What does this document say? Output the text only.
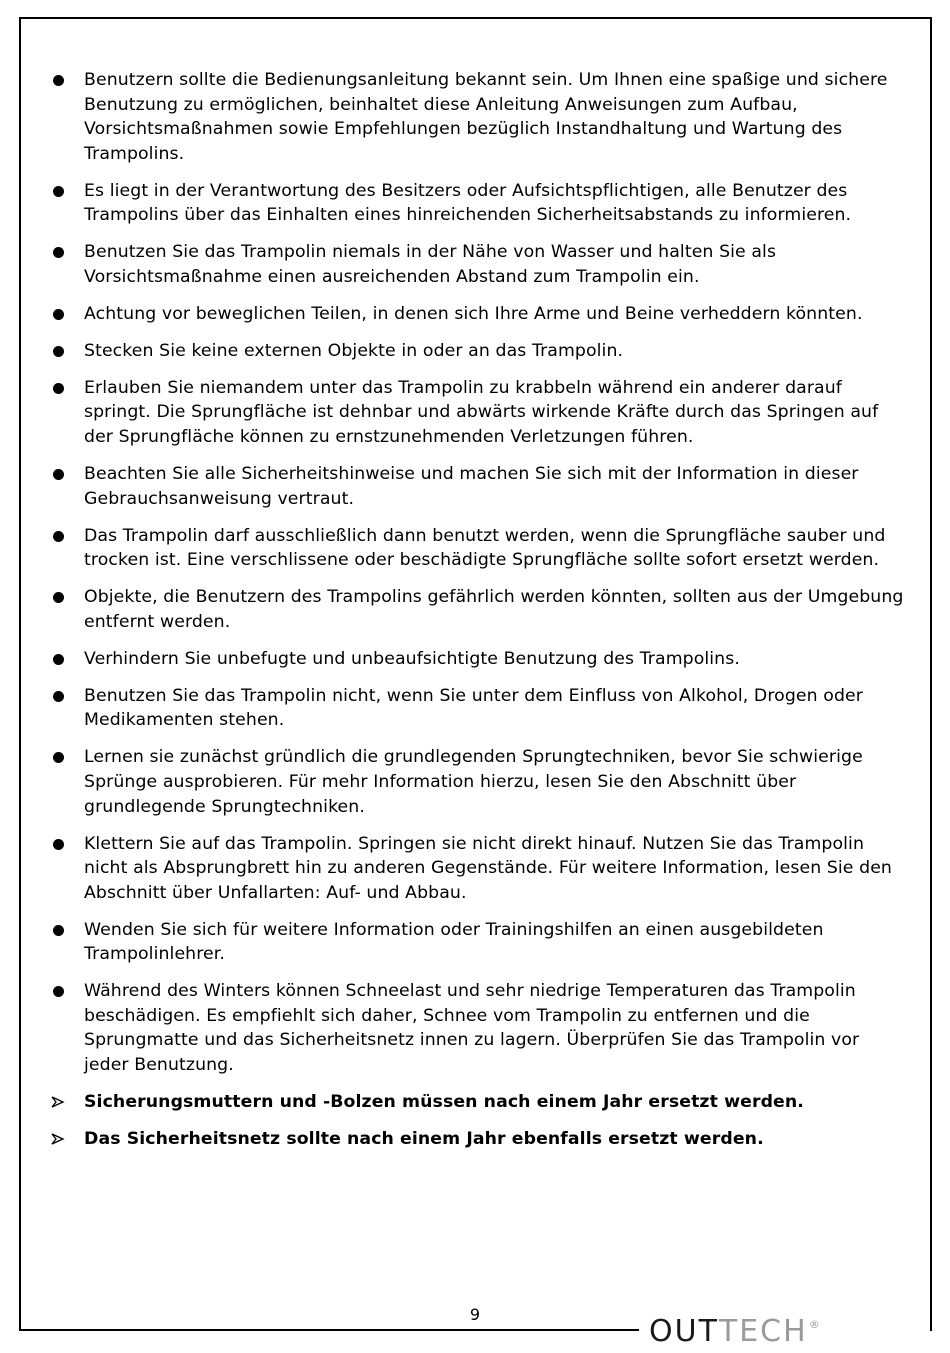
Benutzern sollte die Bedienungsanleitung bekannt sein. Um Ihnen eine spaßige und sichere Benutzung zu ermöglichen, beinhaltet diese Anleitung Anweisungen zum Aufbau, Vorsichtsmaßnahmen sowie Empfehlungen bezüglich Instandhaltung und Wartung des Trampolins.
Es liegt in der Verantwortung des Besitzers oder Aufsichtspflichtigen, alle Benutzer des Trampolins über das Einhalten eines hinreichenden Sicherheitsabstands zu informieren.
Benutzen Sie das Trampolin niemals in der Nähe von Wasser und halten Sie als Vorsichtsmaßnahme einen ausreichenden Abstand zum Trampolin ein.
Achtung vor beweglichen Teilen, in denen sich Ihre Arme und Beine verheddern könnten.
Stecken Sie keine externen Objekte in oder an das Trampolin.
Erlauben Sie niemandem unter das Trampolin zu krabbeln während ein anderer darauf springt. Die Sprungfläche ist dehnbar und abwärts wirkende Kräfte durch das Springen auf der Sprungfläche können zu ernstzunehmenden Verletzungen führen.
Beachten Sie alle Sicherheitshinweise und machen Sie sich mit der Information in dieser Gebrauchsanweisung vertraut.
Das Trampolin darf ausschließlich dann benutzt werden, wenn die Sprungfläche sauber und trocken ist. Eine verschlissene oder beschädigte Sprungfläche sollte sofort ersetzt werden.
Objekte, die Benutzern des Trampolins gefährlich werden könnten, sollten aus der Umgebung entfernt werden.
Verhindern Sie unbefugte und unbeaufsichtigte Benutzung des Trampolins.
Benutzen Sie das Trampolin nicht, wenn Sie unter dem Einfluss von Alkohol, Drogen oder Medikamenten stehen.
Lernen sie zunächst gründlich die grundlegenden Sprungtechniken, bevor Sie schwierige Sprünge ausprobieren. Für mehr Information hierzu, lesen Sie den Abschnitt über grundlegende Sprungtechniken.
Klettern Sie auf das Trampolin. Springen sie nicht direkt hinauf. Nutzen Sie das Trampolin nicht als Absprungbrett hin zu anderen Gegenstände. Für weitere Information, lesen Sie den Abschnitt über Unfallarten: Auf- und Abbau.
Wenden Sie sich für weitere Information oder Trainingshilfen an einen ausgebildeten Trampolinlehrer.
Während des Winters können Schneelast und sehr niedrige Temperaturen das Trampolin beschädigen. Es empfiehlt sich daher, Schnee vom Trampolin zu entfernen und die Sprungmatte und das Sicherheitsnetz innen zu lagern. Überprüfen Sie das Trampolin vor jeder Benutzung.
Sicherungsmuttern und -Bolzen müssen nach einem Jahr ersetzt werden.
Das Sicherheitsnetz sollte nach einem Jahr ebenfalls ersetzt werden.
9	OUT TECH ®
